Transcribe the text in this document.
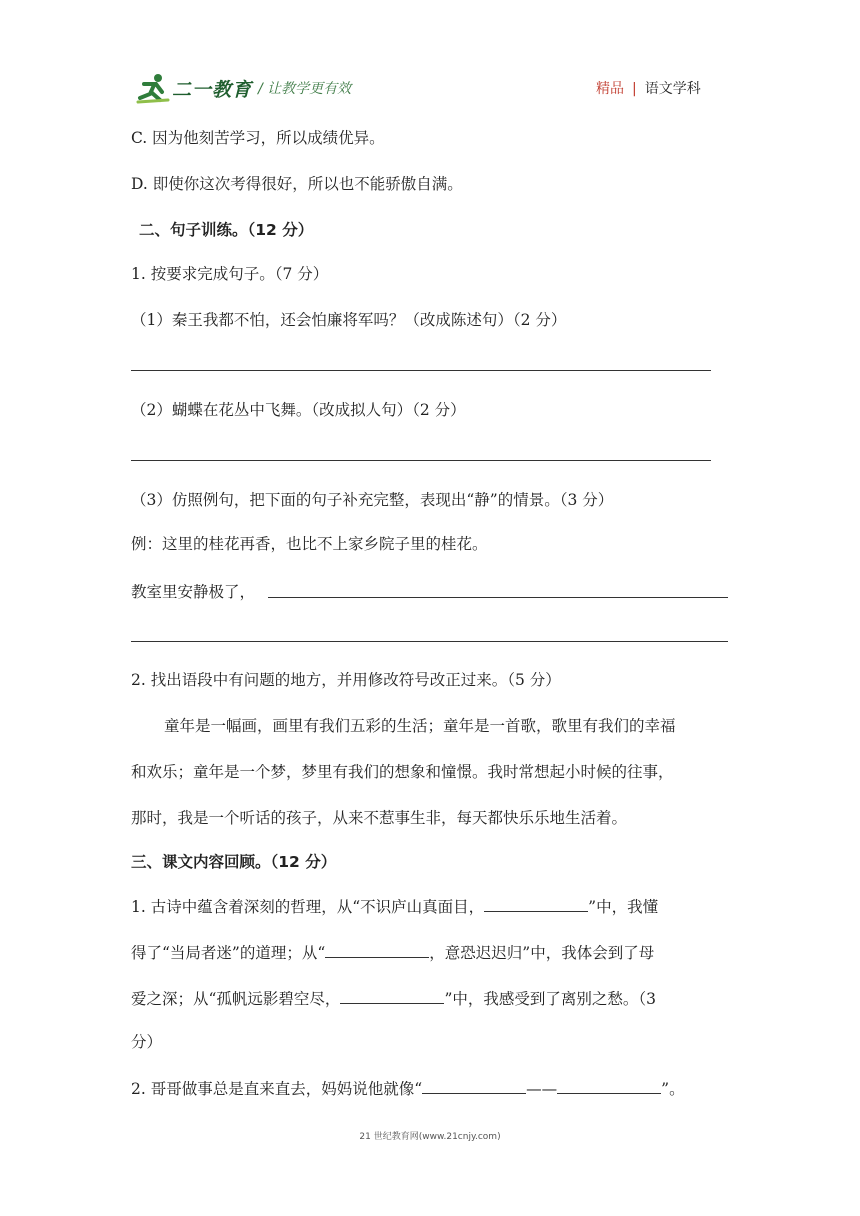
二一教育 / 让教学更有效	精品 | 语文学科
C. 因为他刻苦学习，所以成绩优异。
D. 即使你这次考得很好，所以也不能骄傲自满。
二、句子训练。（12 分）
1. 按要求完成句子。（7 分）
（1）秦王我都不怕，还会怕廉将军吗？（改成陈述句）（2 分）
（2）蝴蝶在花丛中飞舞。（改成拟人句）（2 分）
（3）仿照例句，把下面的句子补充完整，表现出“静”的情景。（3 分）
例：这里的桂花再香，也比不上家乡院子里的桂花。
教室里安静极了，
2. 找出语段中有问题的地方，并用修改符号改正过来。（5 分）
童年是一幅画，画里有我们五彩的生活；童年是一首歌，歌里有我们的幸福
和欢乐；童年是一个梦，梦里有我们的想象和憧憬。我时常想起小时候的往事，
那时，我是一个听话的孩子，从来不惹事生非，每天都快乐乐地生活着。
三、课文内容回顾。（12 分）
1. 古诗中蕴含着深刻的哲理，从“不识庐山真面目，	”中，我懂
得了“当局者迷”的道理；从“	，意恐迟迟归”中，我体会到了母
爱之深；从“孤帆远影碧空尽，	”中，我感受到了离别之愁。（3
分）
2. 哥哥做事总是直来直去，妈妈说他就像“	——	”。
21 世纪教育网(www.21cnjy.com)
